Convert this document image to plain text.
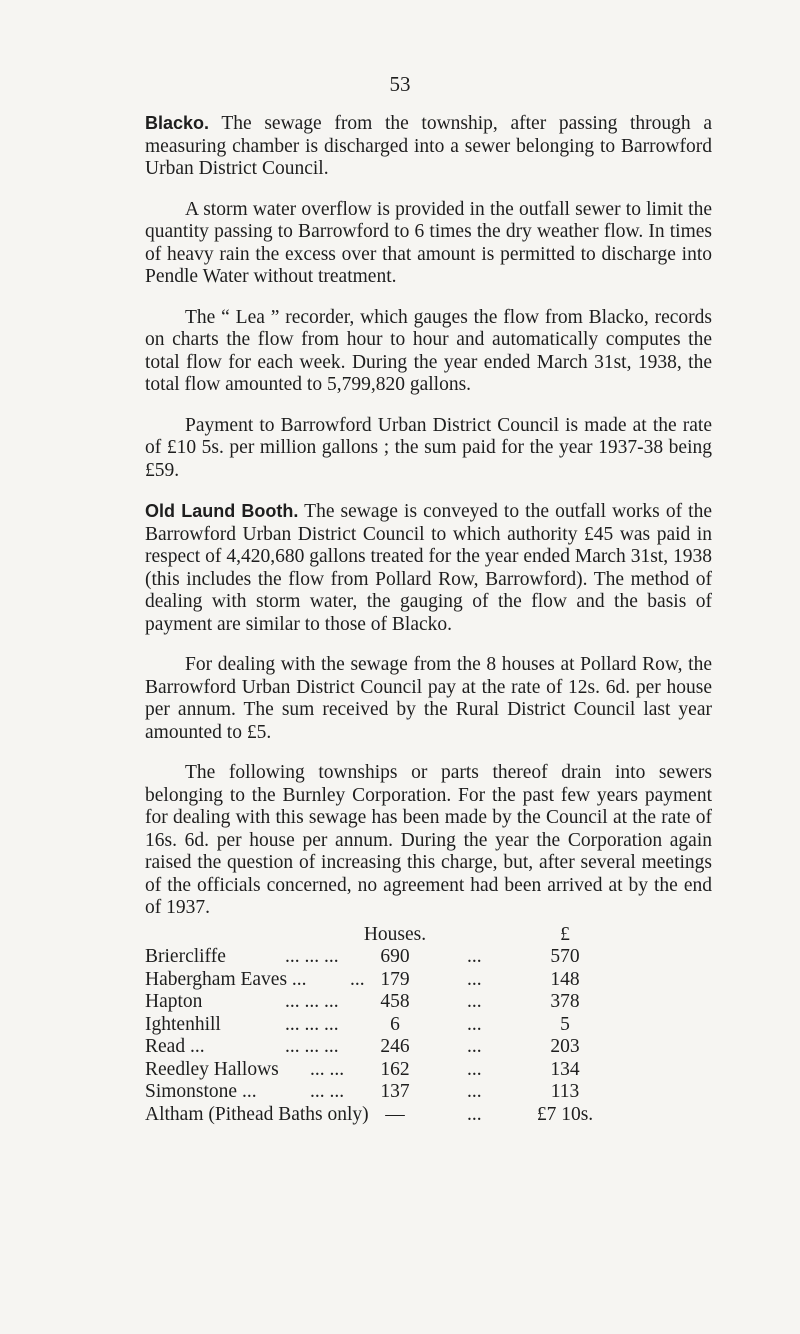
53

Blacko. The sewage from the township, after passing through a measuring chamber is discharged into a sewer belonging to Barrowford Urban District Council.

A storm water overflow is provided in the outfall sewer to limit the quantity passing to Barrowford to 6 times the dry weather flow. In times of heavy rain the excess over that amount is permitted to discharge into Pendle Water without treatment.

The “ Lea ” recorder, which gauges the flow from Blacko, records on charts the flow from hour to hour and automatically computes the total flow for each week. During the year ended March 31st, 1938, the total flow amounted to 5,799,820 gallons.

Payment to Barrowford Urban District Council is made at the rate of £10 5s. per million gallons ; the sum paid for the year 1937-38 being £59.

Old Laund Booth. The sewage is conveyed to the outfall works of the Barrowford Urban District Council to which authority £45 was paid in respect of 4,420,680 gallons treated for the year ended March 31st, 1938 (this includes the flow from Pollard Row, Barrowford). The method of dealing with storm water, the gauging of the flow and the basis of payment are similar to those of Blacko.

For dealing with the sewage from the 8 houses at Pollard Row, the Barrowford Urban District Council pay at the rate of 12s. 6d. per house per annum. The sum received by the Rural District Council last year amounted to £5.

The following townships or parts thereof drain into sewers belonging to the Burnley Corporation. For the past few years payment for dealing with this sewage has been made by the Council at the rate of 16s. 6d. per house per annum. During the year the Corporation again raised the question of increasing this charge, but, after several meetings of the officials concerned, no agreement had been arrived at by the end of 1937.

Houses.	£
Briercliffe	... ... ...	690	...	570
Habergham Eaves ... ... 179	...	148
Hapton	... ... ...	458	...	378
Ightenhill	... ... ...	6	...	5
Read ...	... ... ...	246	...	203
Reedley Hallows ... ...	162	...	134
Simonstone ...	... ...	137	...	113
Altham (Pithead Baths only) —	...	£7 10s.
